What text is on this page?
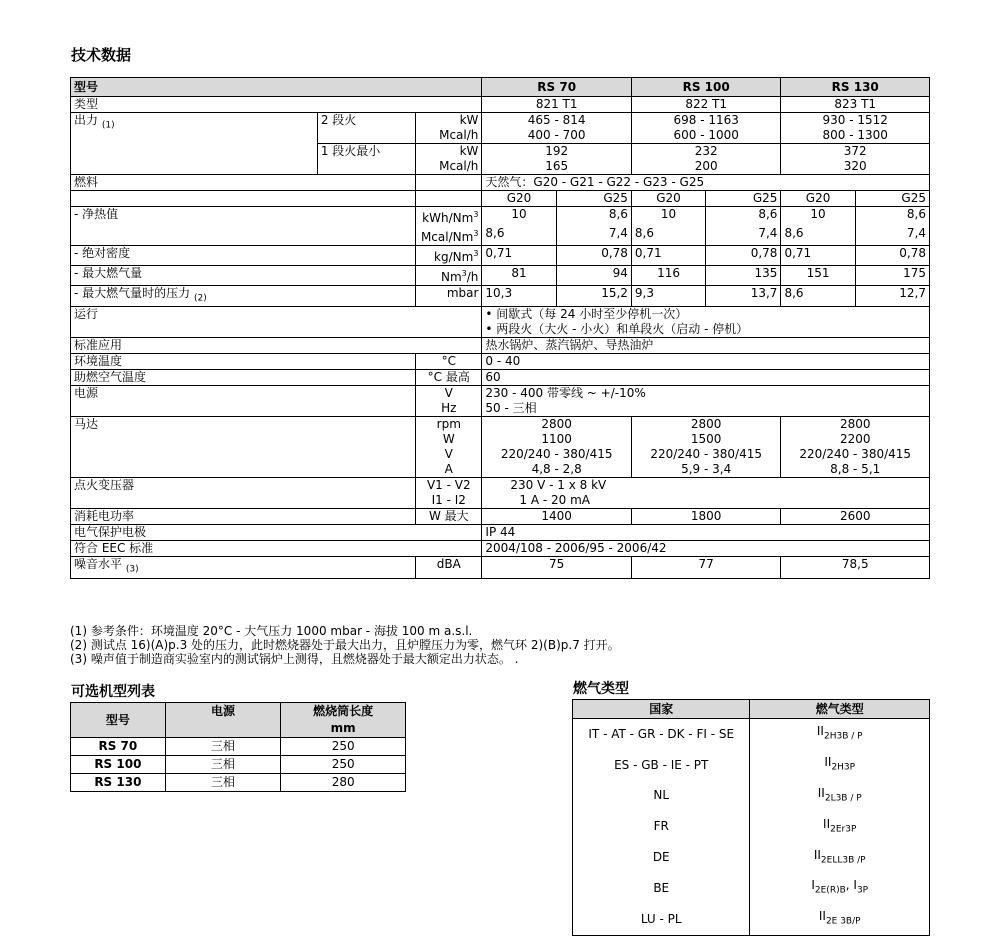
技术数据
型号			RS 70		RS 100		RS 130	
类型			821 T1		822 T1		823 T1	
出力 $_{(1)}$	2 段火	kW	465 - 814		698 - 1163		930 - 1512	
		Mcal/h	400 - 700		600 - 1000		800 - 1300	
	1 段火最小	kW	192		232		372	
		Mcal/h	165		200		320	
燃料			天然气：G20 - G21 - G22 - G23 - G25					
			G20	G25	G20	G25	G20	G25
- 净热值		kWh/Nm$^3$	10	8,6	10	8,6	10	8,6
		Mcal/Nm$^3$	8,6	7,4	8,6	7,4	8,6	7,4
- 绝对密度		kg/Nm$^3$	0,71	0,78	0,71	0,78	0,71	0,78
- 最大燃气量		Nm$^3$/h	81	94	116	135	151	175
- 最大燃气量时的压力 $_{(2)}$		mbar	10,3	15,2	9,3	13,7	8,6	12,7
运行			• 间歇式（每 24 小时至少停机一次）					
			• 两段火（大火 - 小火）和单段火（启动 - 停机）					
标准应用			热水锅炉、蒸汽锅炉、导热油炉					
环境温度		°C	0 - 40					
助燃空气温度		°C 最高	60					
电源		V	230 - 400 带零线 ~ +/-10%					
		Hz	50 - 三相					
马达		rpm	2800		2800		2800	
		W	1100		1500		2200	
		V	220/240 - 380/415		220/240 - 380/415		220/240 - 380/415	
		A	4,8 - 2,8		5,9 - 3,4		8,8 - 5,1	
点火变压器		V1 - V2	230 V - 1 x 8 kV					
		I1 - I2	1 A - 20 mA					
消耗电功率		W 最大	1400		1800		2600	
电气保护电极			IP 44					
符合 EEC 标准			2004/108 - 2006/95 - 2006/42					
噪音水平 $_{(3)}$		dBA	75		77		78,5	
(1) 参考条件：环境温度 20°C - 大气压力 1000 mbar - 海拔 100 m a.s.l.
(2) 测试点 16)(A)p.3 处的压力，此时燃烧器处于最大出力，且炉膛压力为零，燃气环 2)(B)p.7 打开。
(3) 噪声值于制造商实验室内的测试锅炉上测得，且燃烧器处于最大额定出力状态。 .
可选机型列表
型号	电源	燃烧筒长度
mm

RS 70	三相	250
RS 100	三相	250
RS 130	三相	280
燃气类型
国家	燃气类型
IT - AT - GR - DK - FI - SE	$II_{2H3B / P}$
ES - GB - IE - PT	$II_{2H3P}$
NL	$II_{2L3B / P}$
FR	$II_{2Er3P}$
DE	$II_{2ELL3B /P}$
BE	$I_{2E(R)B}$, $I_{3P}$
LU - PL	$II_{2E 3B/P}$
